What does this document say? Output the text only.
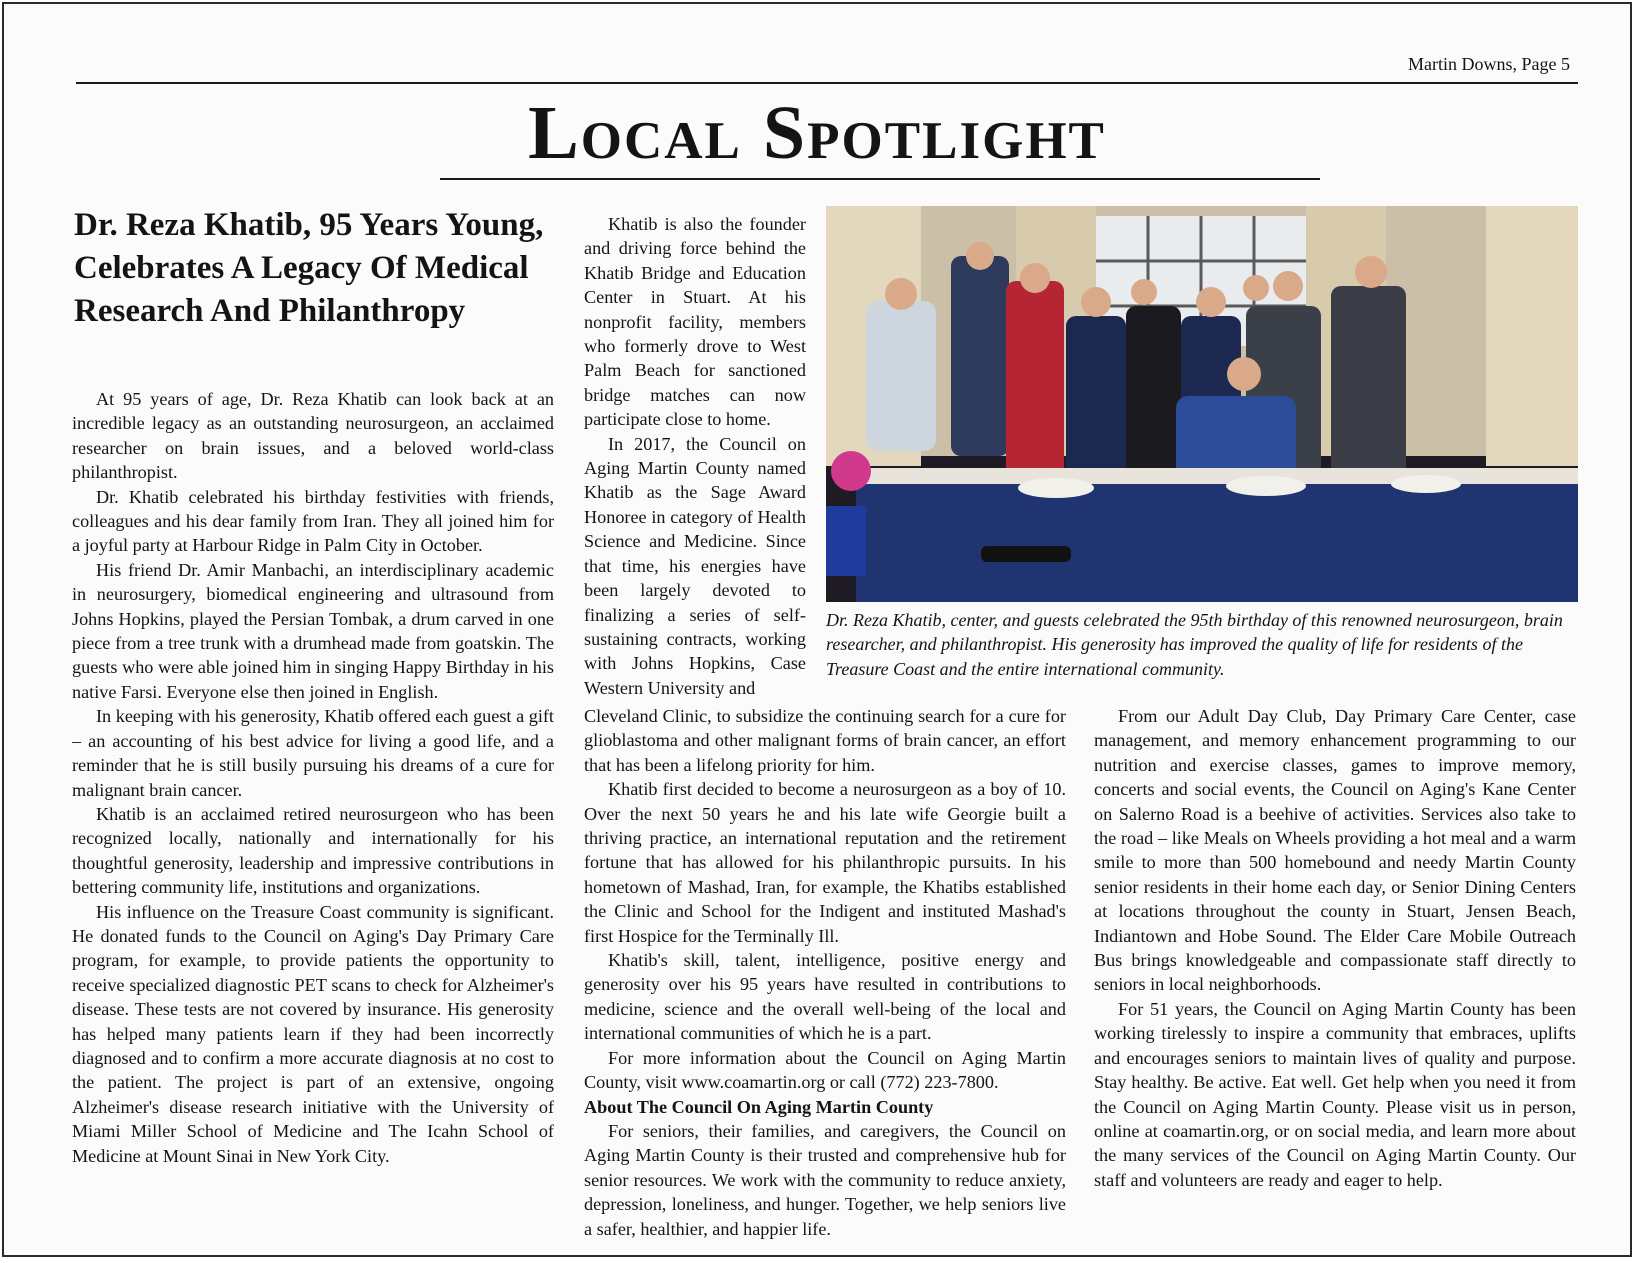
Martin Downs, Page 5
Local Spotlight
Dr. Reza Khatib, 95 Years Young, Celebrates A Legacy Of Medical Research And Philanthropy

At 95 years of age, Dr. Reza Khatib can look back at an incredible legacy as an outstanding neurosurgeon, an acclaimed researcher on brain issues, and a beloved world-class philanthropist.

Dr. Khatib celebrated his birthday festivities with friends, colleagues and his dear family from Iran. They all joined him for a joyful party at Harbour Ridge in Palm City in October.

His friend Dr. Amir Manbachi, an interdisciplinary academic in neurosurgery, biomedical engineering and ultrasound from Johns Hopkins, played the Persian Tombak, a drum carved in one piece from a tree trunk with a drumhead made from goatskin. The guests who were able joined him in singing Happy Birthday in his native Farsi. Everyone else then joined in English.

In keeping with his generosity, Khatib offered each guest a gift – an accounting of his best advice for living a good life, and a reminder that he is still busily pursuing his dreams of a cure for malignant brain cancer.

Khatib is an acclaimed retired neurosurgeon who has been recognized locally, nationally and internationally for his thoughtful generosity, leadership and impressive contributions in bettering community life, institutions and organizations.

His influence on the Treasure Coast community is significant. He donated funds to the Council on Aging's Day Primary Care program, for example, to provide patients the opportunity to receive specialized diagnostic PET scans to check for Alzheimer's disease. These tests are not covered by insurance. His generosity has helped many patients learn if they had been incorrectly diagnosed and to confirm a more accurate diagnosis at no cost to the patient. The project is part of an extensive, ongoing Alzheimer's disease research initiative with the University of Miami Miller School of Medicine and The Icahn School of Medicine at Mount Sinai in New York City.

Khatib is also the founder and driving force behind the Khatib Bridge and Education Center in Stuart. At his nonprofit facility, members who formerly drove to West Palm Beach for sanctioned bridge matches can now participate close to home.

In 2017, the Council on Aging Martin County named Khatib as the Sage Award Honoree in category of Health Science and Medicine. Since that time, his energies have been largely devoted to finalizing a series of self-sustaining contracts, working with Johns Hopkins, Case Western University and

Dr. Reza Khatib, center, and guests celebrated the 95th birthday of this renowned neurosurgeon, brain researcher, and philanthropist. His generosity has improved the quality of life for residents of the Treasure Coast and the entire international community.

Cleveland Clinic, to subsidize the continuing search for a cure for glioblastoma and other malignant forms of brain cancer, an effort that has been a lifelong priority for him.

Khatib first decided to become a neurosurgeon as a boy of 10. Over the next 50 years he and his late wife Georgie built a thriving practice, an international reputation and the retirement fortune that has allowed for his philanthropic pursuits. In his hometown of Mashad, Iran, for example, the Khatibs established the Clinic and School for the Indigent and instituted Mashad's first Hospice for the Terminally Ill.

Khatib's skill, talent, intelligence, positive energy and generosity over his 95 years have resulted in contributions to medicine, science and the overall well-being of the local and international communities of which he is a part.

For more information about the Council on Aging Martin County, visit www.coamartin.org or call (772) 223-7800.

About The Council On Aging Martin County

For seniors, their families, and caregivers, the Council on Aging Martin County is their trusted and comprehensive hub for senior resources. We work with the community to reduce anxiety, depression, loneliness, and hunger. Together, we help seniors live a safer, healthier, and happier life.

From our Adult Day Club, Day Primary Care Center, case management, and memory enhancement programming to our nutrition and exercise classes, games to improve memory, concerts and social events, the Council on Aging's Kane Center on Salerno Road is a beehive of activities. Services also take to the road – like Meals on Wheels providing a hot meal and a warm smile to more than 500 homebound and needy Martin County senior residents in their home each day, or Senior Dining Centers at locations throughout the county in Stuart, Jensen Beach, Indiantown and Hobe Sound. The Elder Care Mobile Outreach Bus brings knowledgeable and compassionate staff directly to seniors in local neighborhoods.

For 51 years, the Council on Aging Martin County has been working tirelessly to inspire a community that embraces, uplifts and encourages seniors to maintain lives of quality and purpose. Stay healthy. Be active. Eat well. Get help when you need it from the Council on Aging Martin County. Please visit us in person, online at coamartin.org, or on social media, and learn more about the many services of the Council on Aging Martin County. Our staff and volunteers are ready and eager to help.
